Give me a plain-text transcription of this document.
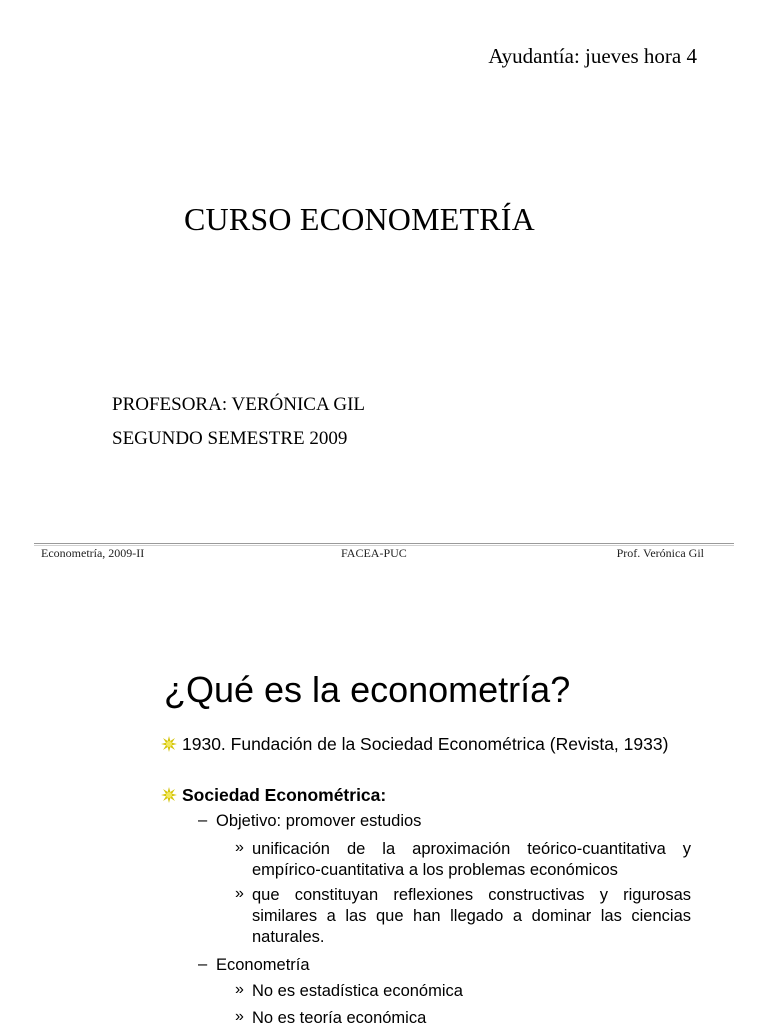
Ayudantía: jueves hora 4
CURSO ECONOMETRÍA
PROFESORA: VERÓNICA GIL
SEGUNDO SEMESTRE 2009
Econometría, 2009-II	FACEA-PUC	Prof. Verónica Gil
¿Qué es la econometría?
1930. Fundación de la Sociedad Econométrica (Revista, 1933)
Sociedad Econométrica:
– Objetivo: promover estudios
» unificación de la aproximación teórico-cuantitativa y empírico-cuantitativa a los problemas económicos
» que constituyan reflexiones constructivas y rigurosas similares a las que han llegado a dominar las ciencias naturales.
– Econometría
» No es estadística económica
» No es teoría económica
